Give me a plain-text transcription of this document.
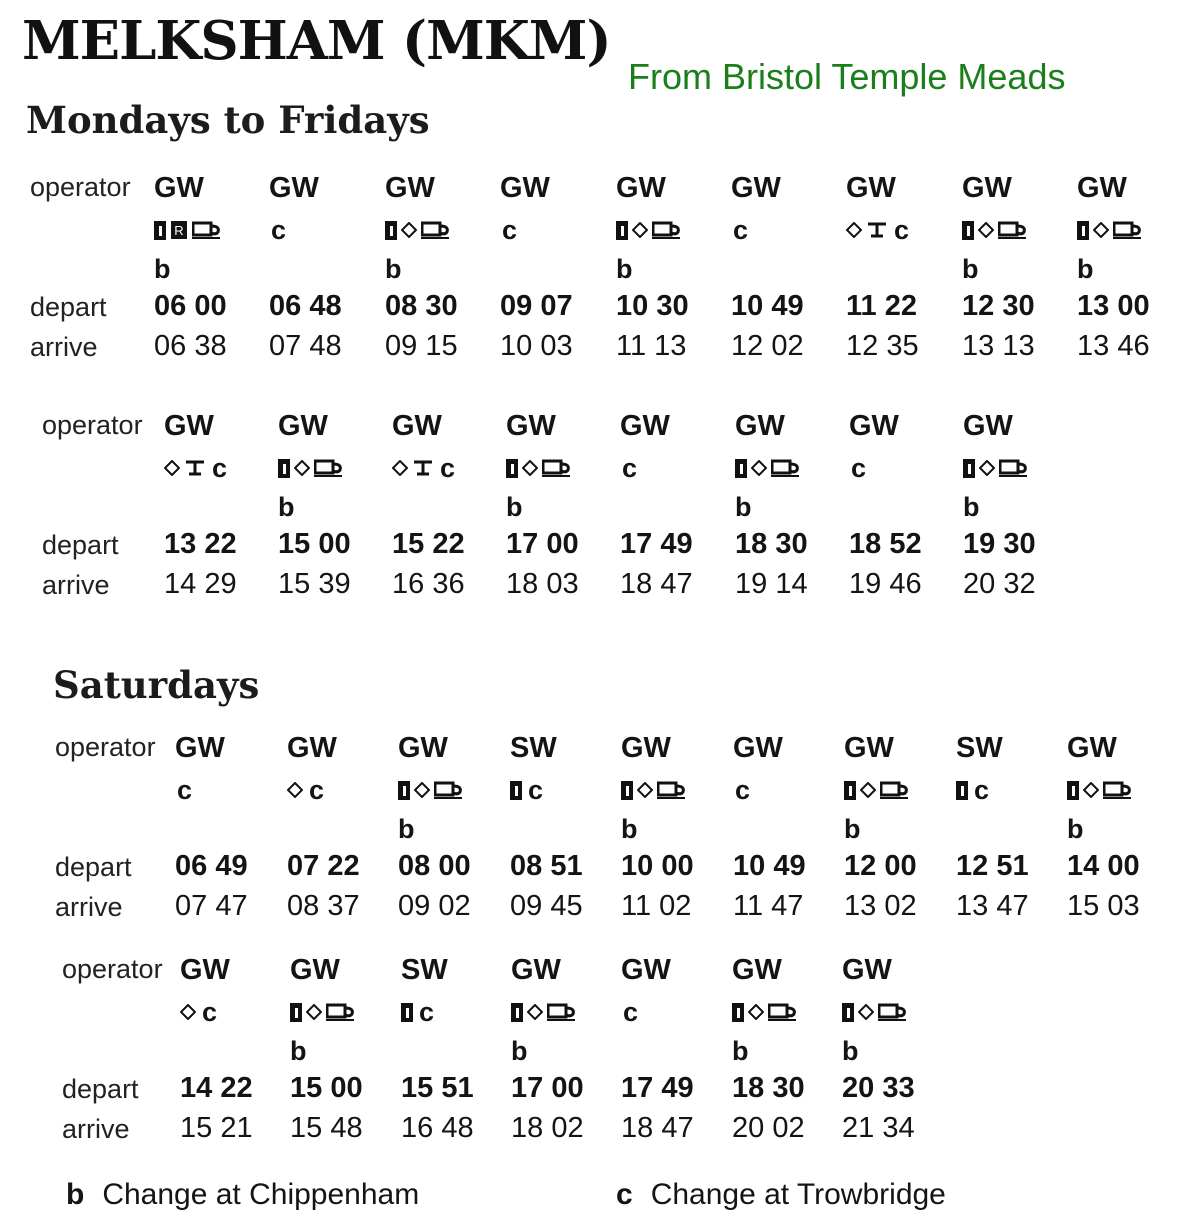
MELKSHAM (MKM)
From Bristol Temple Meads
Mondays to Fridays
operator
depart
arrive
GW
R
b
06 00
06 38
GW
c
06 48
07 48
GW
b
08 30
09 15
GW
c
09 07
10 03
GW
b
10 30
11 13
GW
c
10 49
12 02
GW
c
11 22
12 35
GW
b
12 30
13 13
GW
b
13 00
13 46
operator
depart
arrive
GW
c
13 22
14 29
GW
b
15 00
15 39
GW
c
15 22
16 36
GW
b
17 00
18 03
GW
c
17 49
18 47
GW
b
18 30
19 14
GW
c
18 52
19 46
GW
b
19 30
20 32
Saturdays
operator
depart
arrive
GW
c
06 49
07 47
GW
c
07 22
08 37
GW
b
08 00
09 02
SW
c
08 51
09 45
GW
b
10 00
11 02
GW
c
10 49
11 47
GW
b
12 00
13 02
SW
c
12 51
13 47
GW
b
14 00
15 03
operator
depart
arrive
GW
c
14 22
15 21
GW
b
15 00
15 48
SW
c
15 51
16 48
GW
b
17 00
18 02
GW
c
17 49
18 47
GW
b
18 30
20 02
GW
b
20 33
21 34
b Change at Chippenham	c Change at Trowbridge
